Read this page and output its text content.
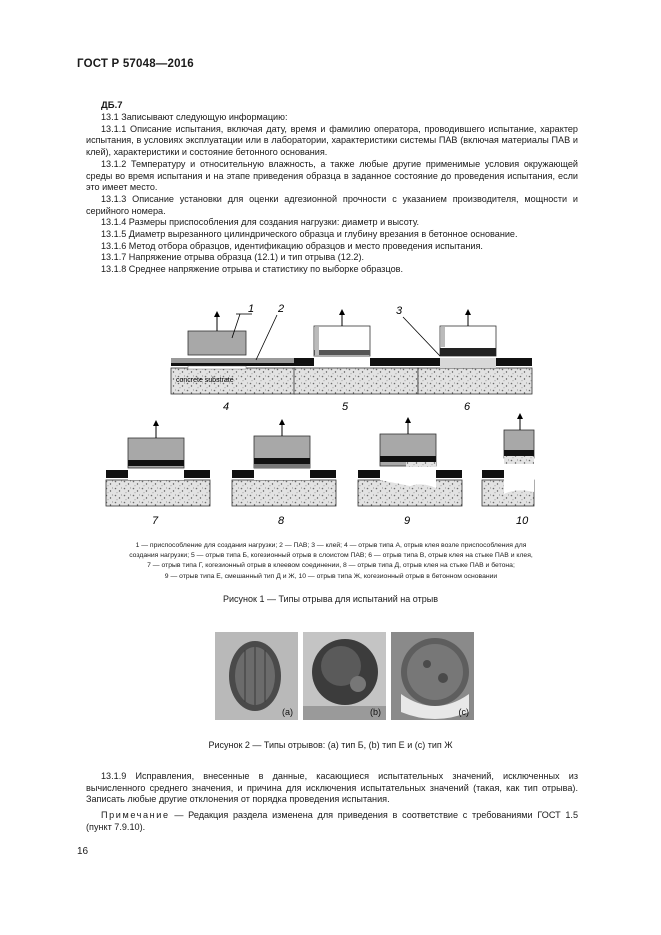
ГОСТ Р 57048—2016
ДБ.7

13.1 Записывают следующую информацию:

13.1.1 Описание испытания, включая дату, время и фамилию оператора, проводившего испытание, характер испытания, в условиях эксплуатации или в лаборатории, характеристики системы ПАВ (включая материалы ПАВ и клей), характеристики и состояние бетонного основания.

13.1.2 Температуру и относительную влажность, а также любые другие применимые условия окружающей среды во время испытания и на этапе приведения образца в заданное состояние до проведения испытания, если это имеет место.

13.1.3 Описание установки для оценки адгезионной прочности с указанием производителя, мощности и серийного номера.

13.1.4 Размеры приспособления для создания нагрузки: диаметр и высоту.

13.1.5 Диаметр вырезанного цилиндрического образца и глубину врезания в бетонное основание.

13.1.6 Метод отбора образцов, идентификацию образцов и место проведения испытания.

13.1.7 Напряжение отрыва образца (12.1) и тип отрыва (12.2).

13.1.8 Среднее напряжение отрыва и статистику по выборке образцов.

concrete substrate
4
1 2
5	6
3
7	8	9	10
1 — приспособление для создания нагрузки; 2 — ПАВ; 3 — клей; 4 — отрыв типа А, отрыв клея возле приспособления для
создания нагрузки; 5 — отрыв типа Б, когезионный отрыв в слоистом ПАВ; 6 — отрыв типа В, отрыв клея на стыке ПАВ и клея,
7 — отрыв типа Г, когезионный отрыв в клеевом соединении, 8 — отрыв типа Д, отрыв клея на стыке ПАВ и бетона;
9 — отрыв типа Е, смешанный тип Д и Ж, 10 — отрыв типа Ж, когезионный отрыв в бетонном основании
Рисунок 1 — Типы отрыва для испытаний на отрыв
(a)	(b)	(c)
Рисунок 2 — Типы отрывов: (а) тип Б, (b) тип Е и (с) тип Ж

13.1.9 Исправления, внесенные в данные, касающиеся испытательных значений, исключенных из вычисленного среднего значения, и причина для исключения испытательных значений (такая, как тип отрыва). Записать любые другие отклонения от порядка проведения испытания.

Примечание — Редакция раздела изменена для приведения в соответствие с требованиями ГОСТ 1.5 (пункт 7.9.10).

16
